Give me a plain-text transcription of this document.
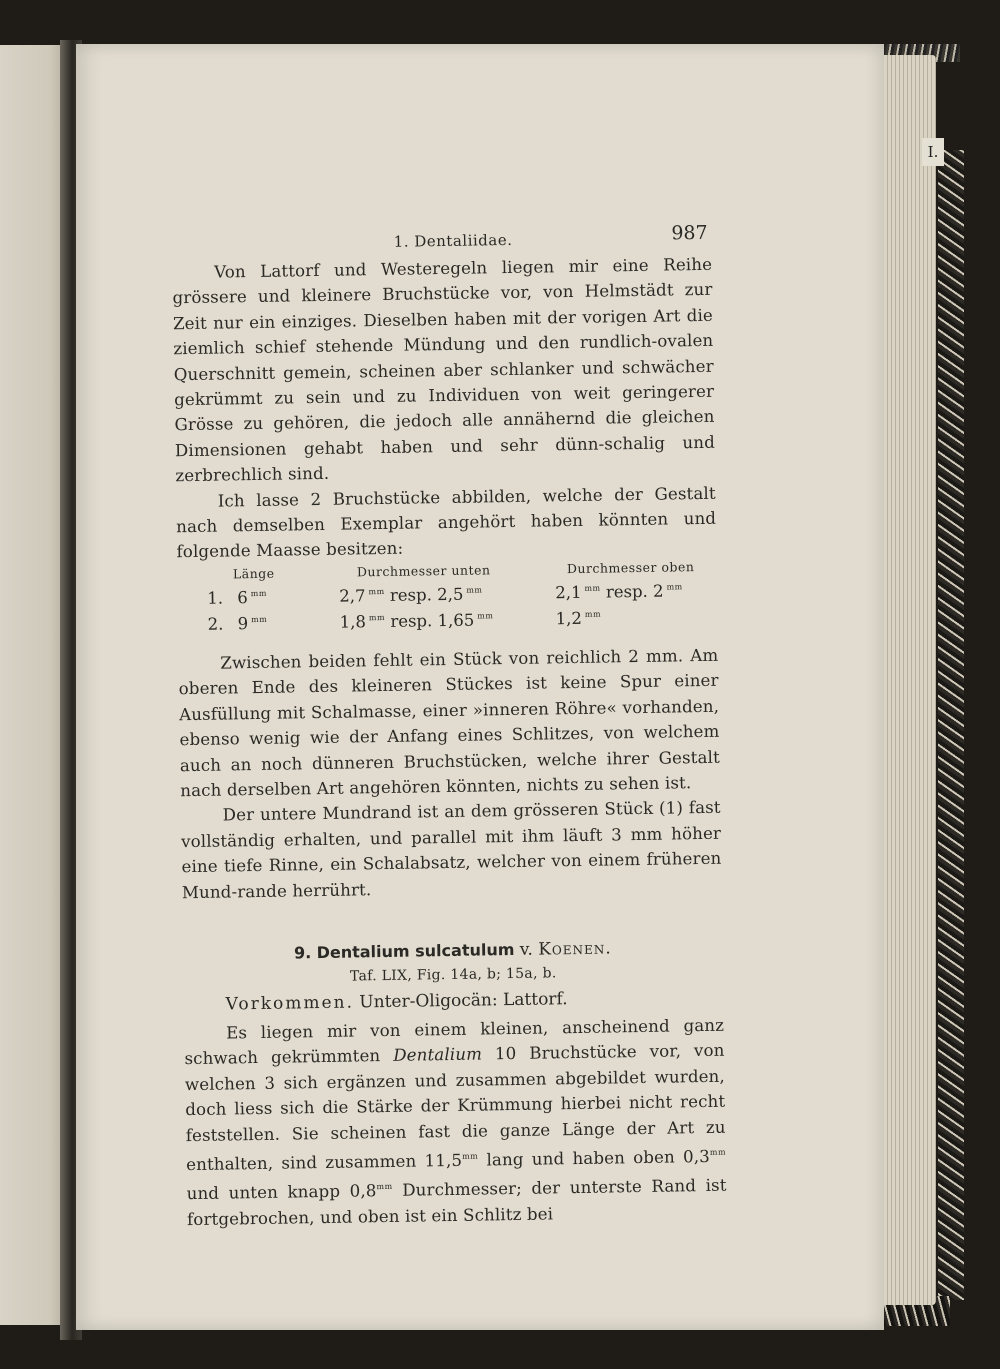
I.
1. Dentaliidae.	987

Von Lattorf und Westeregeln liegen mir eine Reihe grössere und kleinere Bruchstücke vor, von Helmstädt zur Zeit nur ein einziges. Dieselben haben mit der vorigen Art die ziemlich schief stehende Mündung und den rundlich-ovalen Querschnitt gemein, scheinen aber schlanker und schwächer gekrümmt zu sein und zu Individuen von weit geringerer Grösse zu gehören, die jedoch alle annähernd die gleichen Dimensionen gehabt haben und sehr dünn-schalig und zerbrechlich sind.

Ich lasse 2 Bruchstücke abbilden, welche der Gestalt nach demselben Exemplar angehört haben könnten und folgende Maasse besitzen:

Länge	Durchmesser unten	Durchmesser oben
1. 6 $^{mm}$	2,7 $^{mm}$ resp. 2,5 $^{mm}$	2,1 $^{mm}$ resp. 2 $^{mm}$
2. 9 $^{mm}$	1,8 $^{mm}$ resp. 1,65 $^{mm}$	1,2 $^{mm}$

Zwischen beiden fehlt ein Stück von reichlich 2 mm. Am oberen Ende des kleineren Stückes ist keine Spur einer Ausfüllung mit Schalmasse, einer »inneren Röhre« vorhanden, ebenso wenig wie der Anfang eines Schlitzes, von welchem auch an noch dünneren Bruchstücken, welche ihrer Gestalt nach derselben Art angehören könnten, nichts zu sehen ist.

Der untere Mundrand ist an dem grösseren Stück (1) fast vollständig erhalten, und parallel mit ihm läuft 3 mm höher eine tiefe Rinne, ein Schalabsatz, welcher von einem früheren Mund-rande herrührt.

9. Dentalium sulcatulum v. Koenen.
Taf. LIX, Fig. 14a, b; 15a, b.
Vorkommen. Unter-Oligocän: Lattorf.

Es liegen mir von einem kleinen, anscheinend ganz schwach gekrümmten Dentalium 10 Bruchstücke vor, von welchen 3 sich ergänzen und zusammen abgebildet wurden, doch liess sich die Stärke der Krümmung hierbei nicht recht feststellen. Sie scheinen fast die ganze Länge der Art zu enthalten, sind zusammen $11,5^{mm}$ lang und haben oben $0,3^{mm}$ und unten knapp $0,8^{mm}$ Durchmesser; der unterste Rand ist fortgebrochen, und oben ist ein Schlitz bei
